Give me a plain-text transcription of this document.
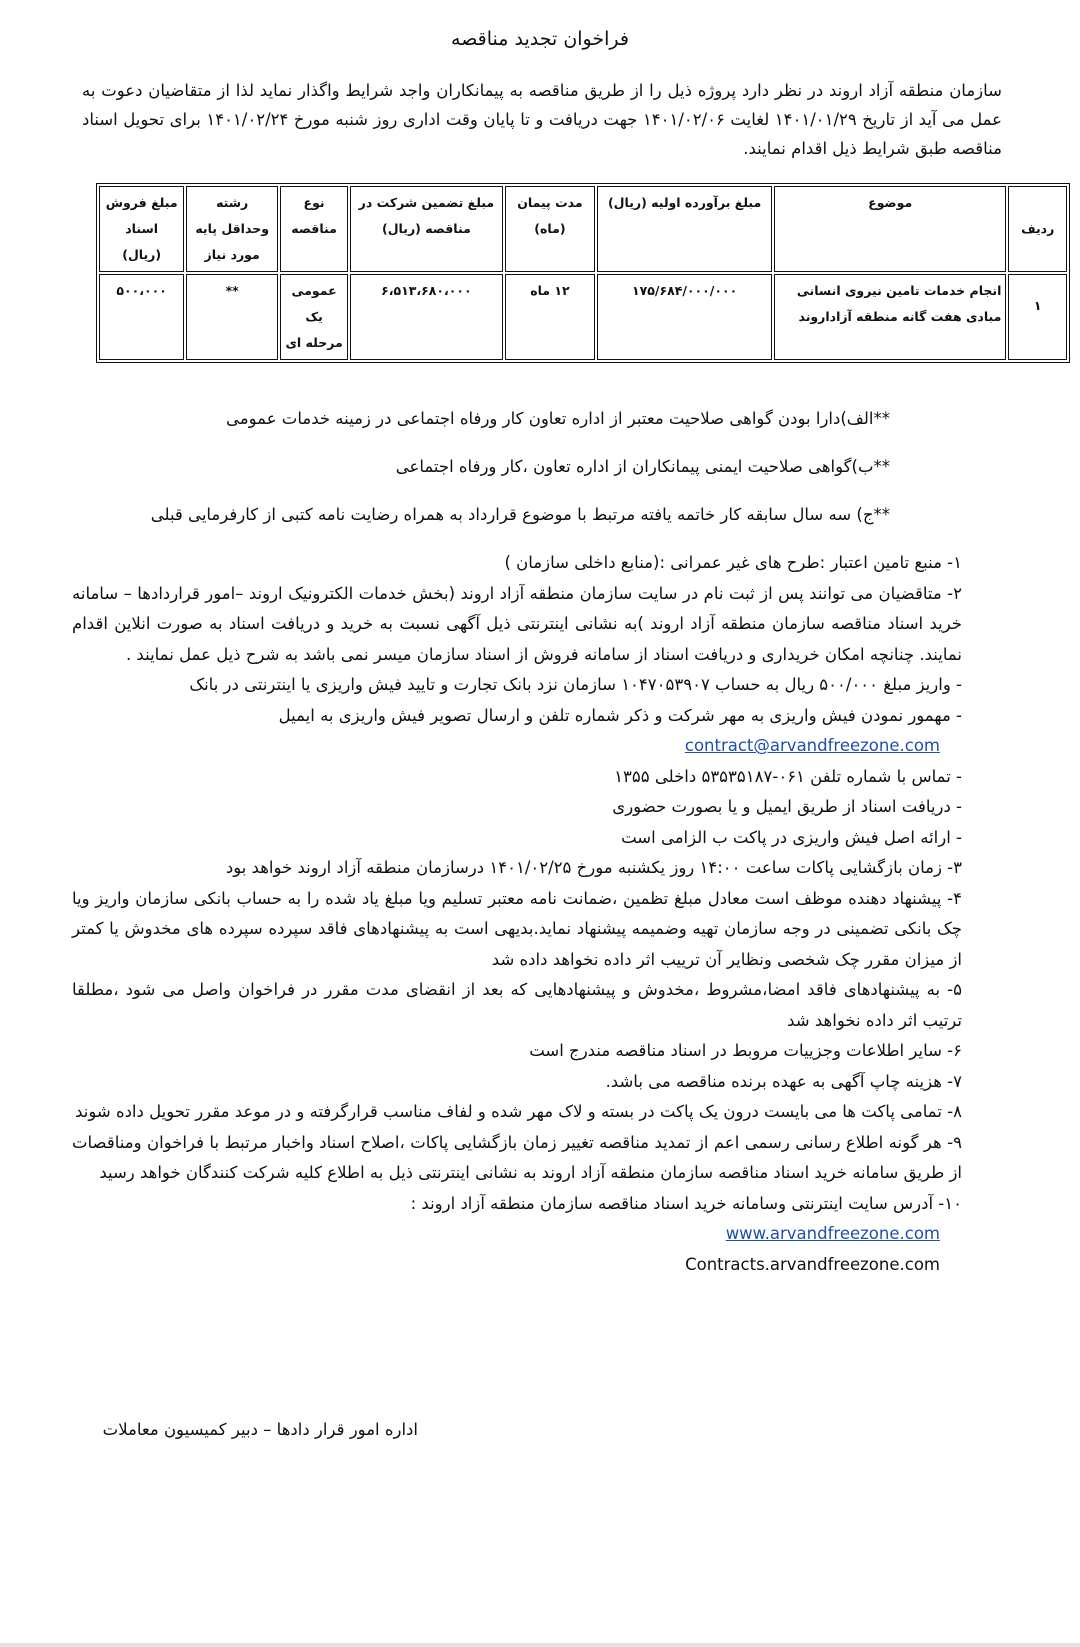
فراخوان تجدید مناقصه
سازمان منطقه آزاد اروند در نظر دارد پروژه ذیل را از طریق مناقصه به پیمانکاران واجد شرایط واگذار نماید لذا از متقاضیان دعوت به عمل می آید از تاریخ ۱۴۰۱/۰۱/۲۹ لغایت ۱۴۰۱/۰۲/۰۶ جهت دریافت و تا پایان وقت اداری روز شنبه مورخ ۱۴۰۱/۰۲/۲۴ برای تحویل اسناد مناقصه طبق شرایط ذیل اقدام نمایند.
ردیف	موضوع	مبلغ برآورده اولیه (ریال)	مدت پیمان (ماه)	مبلغ تضمین شرکت در مناقصه (ریال)	نوع مناقصه	رشته وحداقل پایه مورد نیاز	مبلغ فروش اسناد (ریال)
۱	انجام خدمات تامین نیروی انسانی مبادی هفت گانه منطقه آزاداروند	۱۷۵/۶۸۴/۰۰۰/۰۰۰	۱۲ ماه	۶،۵۱۳،۶۸۰،۰۰۰	عمومی یک مرحله ای	**	۵۰۰،۰۰۰
**الف)دارا بودن گواهی صلاحیت معتبر از اداره تعاون کار ورفاه اجتماعی در زمینه خدمات عمومی
**ب)گواهی صلاحیت ایمنی پیمانکاران از اداره تعاون ،کار ورفاه اجتماعی
**ج) سه سال سابقه کار خاتمه یافته مرتبط با موضوع قرارداد به همراه رضایت نامه کتبی از کارفرمایی قبلی

۱- منبع تامین اعتبار :طرح های غیر عمرانی :(منابع داخلی سازمان )

۲- متاقضیان می توانند پس از ثبت نام در سایت سازمان منطقه آزاد اروند (بخش خدمات الکترونیک اروند –امور قراردادها – سامانه خرید اسناد مناقصه سازمان منطقه آزاد اروند )به نشانی اینترنتی ذیل آگهی نسبت به خرید و دریافت اسناد به صورت انلاین اقدام نمایند. چنانچه امکان خریداری و دریافت اسناد از سامانه فروش از اسناد سازمان میسر نمی باشد به شرح ذیل عمل نمایند .

- واریز مبلغ ۵۰۰/۰۰۰ ریال به حساب ۱۰۴۷۰۵۳۹۰۷ سازمان نزد بانک تجارت و تایید فیش واریزی یا اینترنتی در بانک

- مهمور نمودن فیش واریزی به مهر شرکت و ذکر شماره تلفن و ارسال تصویر فیش واریزی به ایمیل

contract@arvandfreezone.com

- تماس با شماره تلفن ۰۶۱-۵۳۵۳۵۱۸۷ داخلی ۱۳۵۵

- دریافت اسناد از طریق ایمیل و یا بصورت حضوری

- ارائه اصل فیش واریزی در پاکت ب الزامی است

۳- زمان بازگشایی پاکات ساعت ۱۴:۰۰ روز یکشنبه مورخ ۱۴۰۱/۰۲/۲۵ درسازمان منطقه آزاد اروند خواهد بود

۴- پیشنهاد دهنده موظف است معادل مبلغ تظمین ،ضمانت نامه معتبر تسلیم ویا مبلغ یاد شده را به حساب بانکی سازمان واریز ویا چک بانکی تضمینی در وجه سازمان تهیه وضمیمه پیشنهاد نماید.بدیهی است به پیشنهادهای فاقد سپرده سپرده های مخدوش یا کمتر از میزان مقرر چک شخصی ونظایر آن ترییب اثر داده نخواهد داده شد

۵- به پیشنهادهای فاقد امضا،مشروط ،مخدوش و پیشنهادهایی که بعد از انقضای مدت مقرر در فراخوان واصل می شود ،مطلقا ترتیب اثر داده نخواهد شد

۶- سایر اطلاعات وجزییات مروبط در اسناد مناقصه مندرج است

۷- هزینه چاپ آگهی به عهده برنده مناقصه می باشد.

۸- تمامی پاکت ها می بایست درون یک پاکت در بسته و لاک مهر شده و لفاف مناسب قرارگرفته و در موعد مقرر تحویل داده شوند

۹- هر گونه اطلاع رسانی رسمی اعم از تمدید مناقصه تغییر زمان بازگشایی پاکات ،اصلاح اسناد واخبار مرتبط با فراخوان ومناقصات از طریق سامانه خرید اسناد مناقصه سازمان منطقه آزاد اروند به نشانی اینترنتی ذیل به اطلاع کلیه شرکت کنندگان خواهد رسید

۱۰- آدرس سایت اینترنتی وسامانه خرید اسناد مناقصه سازمان منطقه آزاد اروند :

www.arvandfreezone.com

Contracts.arvandfreezone.com

اداره امور قرار دادها – دبیر کمیسیون معاملات
